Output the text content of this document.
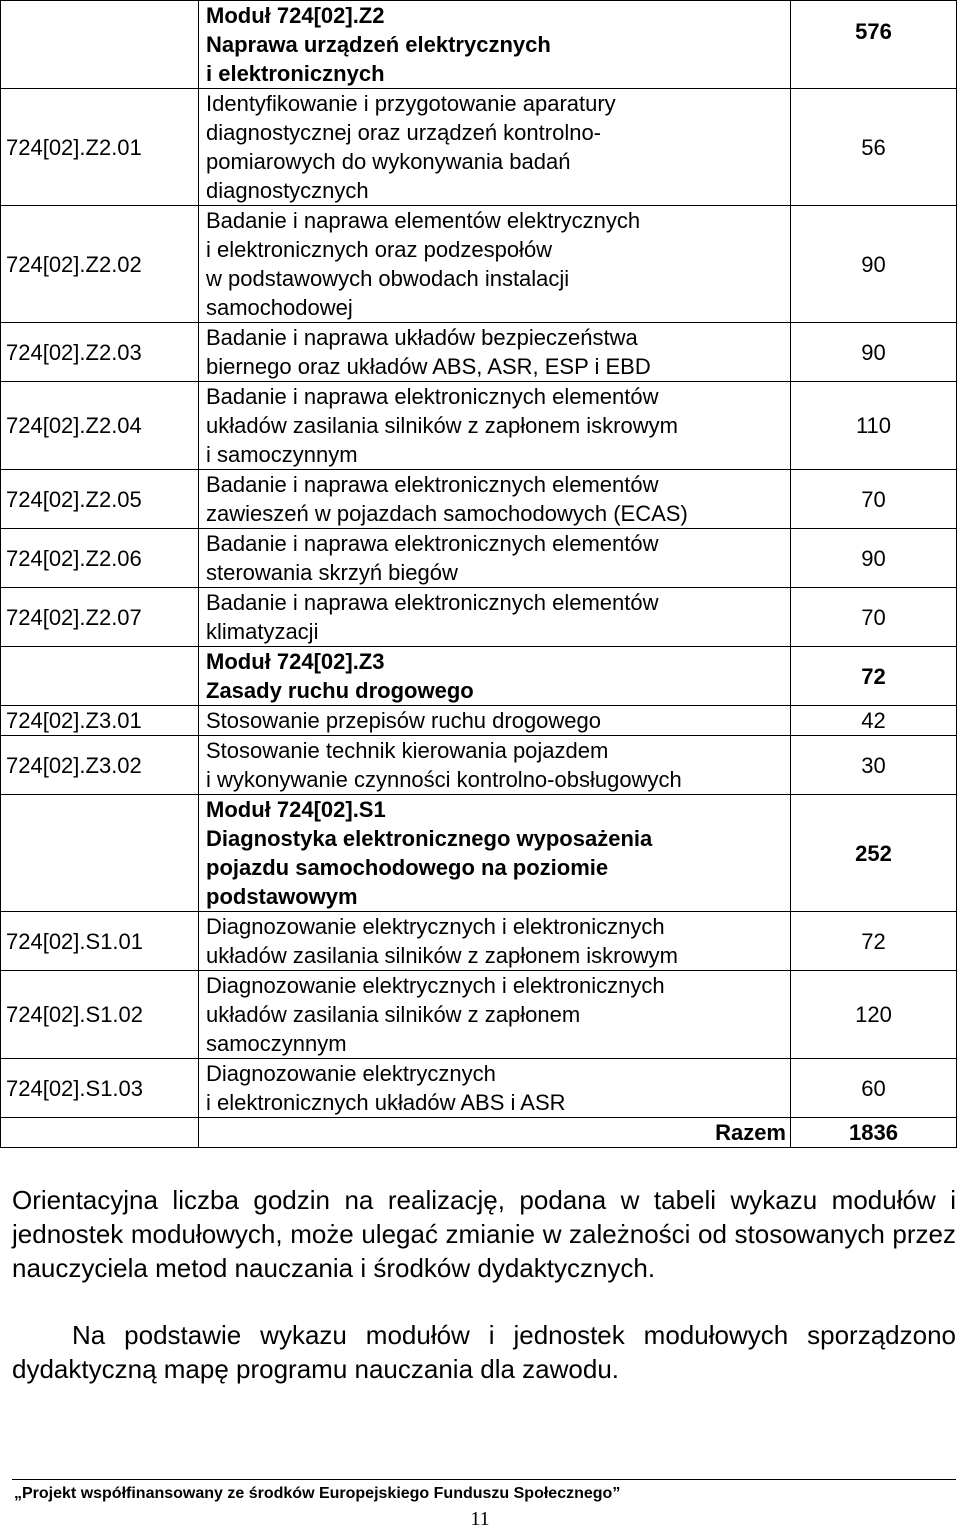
	Moduł 724[02].Z2
Naprawa urządzeń elektrycznych
i elektronicznych	576
724[02].Z2.01	Identyfikowanie i przygotowanie aparatury
diagnostycznej oraz urządzeń kontrolno-
pomiarowych do wykonywania badań
diagnostycznych	56
724[02].Z2.02	Badanie i naprawa elementów elektrycznych
i elektronicznych oraz podzespołów
w podstawowych obwodach instalacji
samochodowej	90
724[02].Z2.03	Badanie i naprawa układów bezpieczeństwa
biernego oraz układów ABS, ASR, ESP i EBD	90
724[02].Z2.04	Badanie i naprawa elektronicznych elementów
układów zasilania silników z zapłonem iskrowym
i samoczynnym	110
724[02].Z2.05	Badanie i naprawa elektronicznych elementów
zawieszeń w pojazdach samochodowych (ECAS)	70
724[02].Z2.06	Badanie i naprawa elektronicznych elementów
sterowania skrzyń biegów	90
724[02].Z2.07	Badanie i naprawa elektronicznych elementów
klimatyzacji	70

	Moduł 724[02].Z3
Zasady ruchu drogowego	72
724[02].Z3.01	Stosowanie przepisów ruchu drogowego	42
724[02].Z3.02	Stosowanie technik kierowania pojazdem
i wykonywanie czynności kontrolno-obsługowych	30

	Moduł 724[02].S1
Diagnostyka elektronicznego wyposażenia
pojazdu samochodowego na poziomie
podstawowym	252
724[02].S1.01	Diagnozowanie elektrycznych i elektronicznych
układów zasilania silników z zapłonem iskrowym	72
724[02].S1.02	Diagnozowanie elektrycznych i elektronicznych
układów zasilania silników z zapłonem
samoczynnym	120
724[02].S1.03	Diagnozowanie elektrycznych
i elektronicznych układów ABS i ASR	60
	Razem	1836

Orientacyjna liczba godzin na realizację, podana w tabeli wykazu modułów i jednostek modułowych, może ulegać zmianie w zależności od stosowanych przez nauczyciela metod nauczania i środków dydaktycznych.

Na podstawie wykazu modułów i jednostek modułowych sporządzono dydaktyczną mapę programu nauczania dla zawodu.

„Projekt współfinansowany ze środków Europejskiego Funduszu Społecznego”
11
